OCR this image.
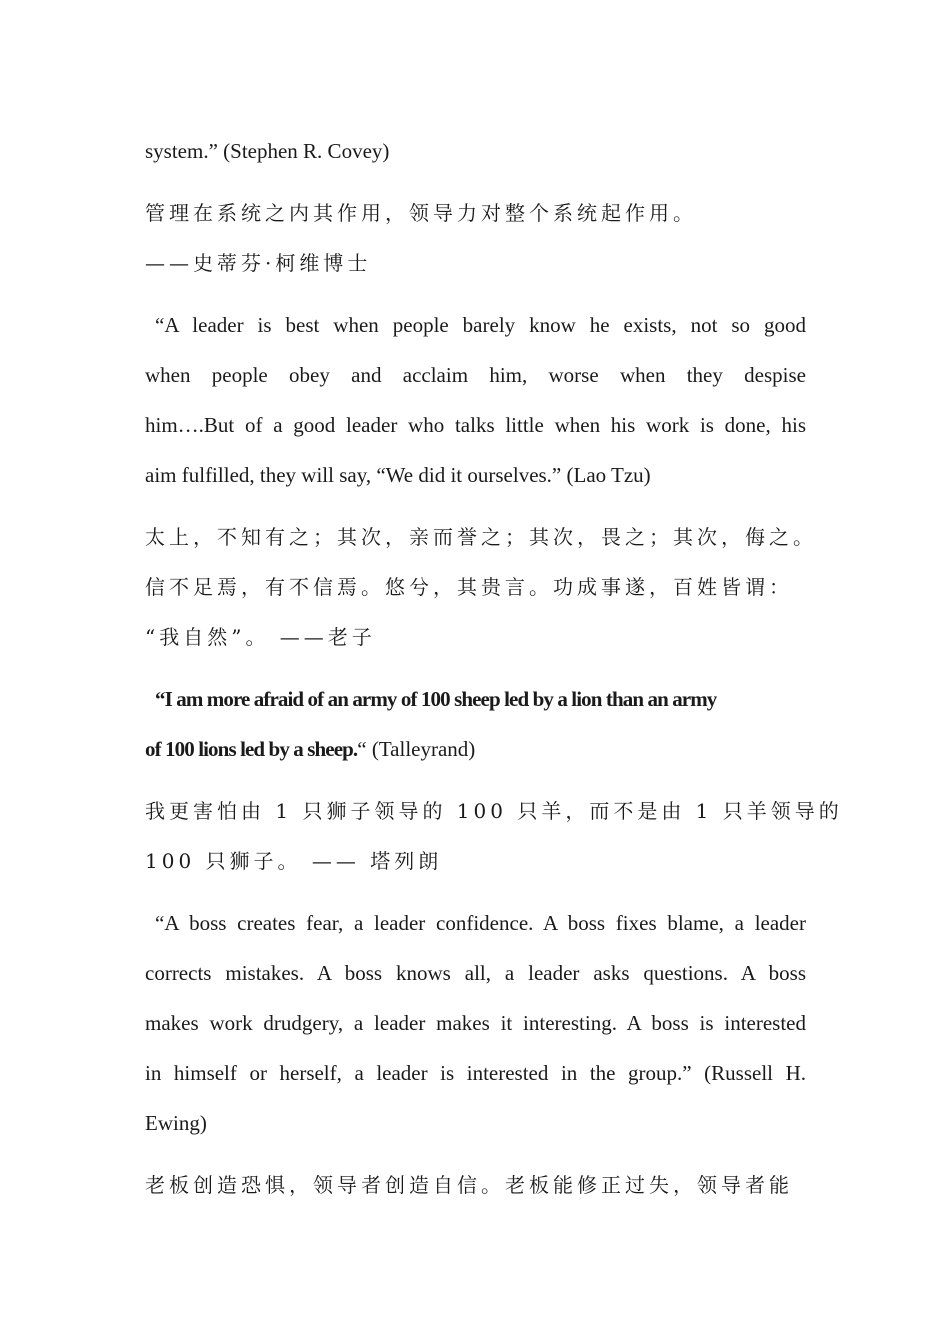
system.” (Stephen R. Covey)
管理在系统之内其作用，领导力对整个系统起作用。
——史蒂芬·柯维博士
“A leader is best when people barely know he exists, not so good
when people obey and acclaim him, worse when they despise
him….But of a good leader who talks little when his work is done, his
aim fulfilled, they will say, “We did it ourselves.” (Lao Tzu)
太上，不知有之；其次，亲而誉之；其次，畏之；其次，侮之。
信不足焉，有不信焉。悠兮，其贵言。功成事遂，百姓皆谓：
“我自然”。 ——老子
“I am more afraid of an army of 100 sheep led by a lion than an army
of 100 lions led by a sheep.“ (Talleyrand)
我更害怕由 1 只狮子领导的 100 只羊，而不是由 1 只羊领导的
100 只狮子。 —— 塔列朗
“A boss creates fear, a leader confidence. A boss fixes blame, a leader
corrects mistakes. A boss knows all, a leader asks questions. A boss
makes work drudgery, a leader makes it interesting. A boss is interested
in himself or herself, a leader is interested in the group.” (Russell H.
Ewing)
老板创造恐惧，领导者创造自信。老板能修正过失，领导者能
